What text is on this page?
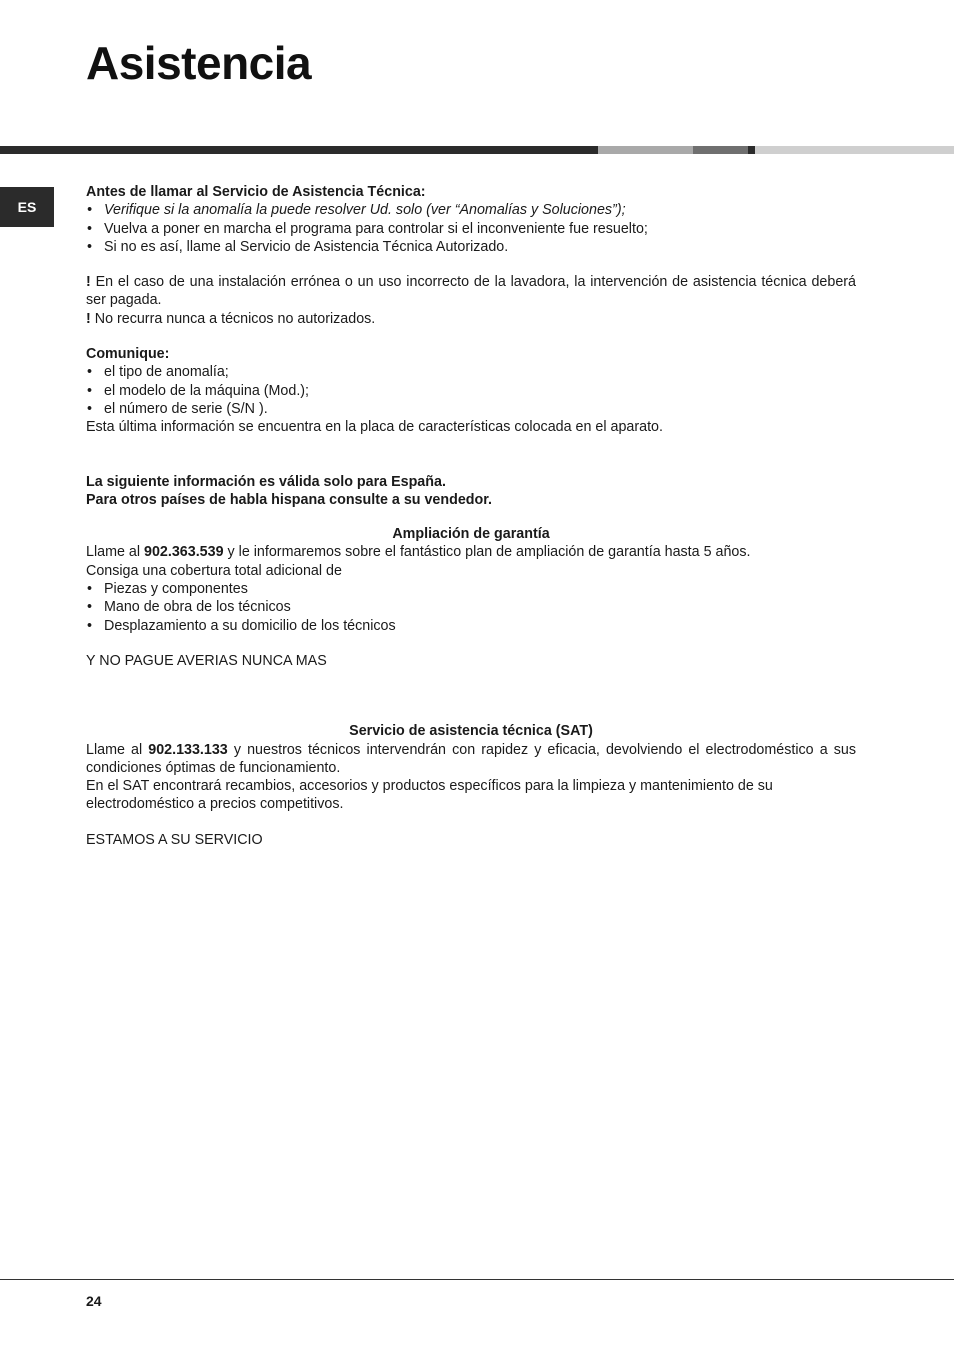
Asistencia
ES

Antes de llamar al Servicio de Asistencia Técnica:

• Verifique si la anomalía la puede resolver Ud. solo (ver “Anomalías y Soluciones”);
• Vuelva a poner en marcha el programa para controlar si el inconveniente fue resuelto;
• Si no es así, llame al Servicio de Asistencia Técnica Autorizado.

! En el caso de una instalación errónea o un uso incorrecto de la lavadora, la intervención de asistencia técnica deberá ser pagada.

! No recurra nunca a técnicos no autorizados.

Comunique:

• el tipo de anomalía;
• el modelo de la máquina (Mod.);
• el número de serie (S/N ).

Esta última información se encuentra en la placa de características colocada en el aparato.

La siguiente información es válida solo para España.

Para otros países de habla hispana consulte a su vendedor.

Ampliación de garantía

Llame al 902.363.539 y le informaremos sobre el fantástico plan de ampliación de garantía hasta 5 años.

Consiga una cobertura total adicional de

• Piezas y componentes
• Mano de obra de los técnicos
• Desplazamiento a su domicilio de los técnicos

Y NO PAGUE AVERIAS NUNCA MAS

Servicio de asistencia técnica (SAT)

Llame al 902.133.133 y nuestros técnicos intervendrán con rapidez y eficacia, devolviendo el electrodoméstico a sus condiciones óptimas de funcionamiento.

En el SAT encontrará recambios, accesorios y productos específicos para la limpieza y mantenimiento de su electrodoméstico a precios competitivos.

ESTAMOS A SU SERVICIO

24
